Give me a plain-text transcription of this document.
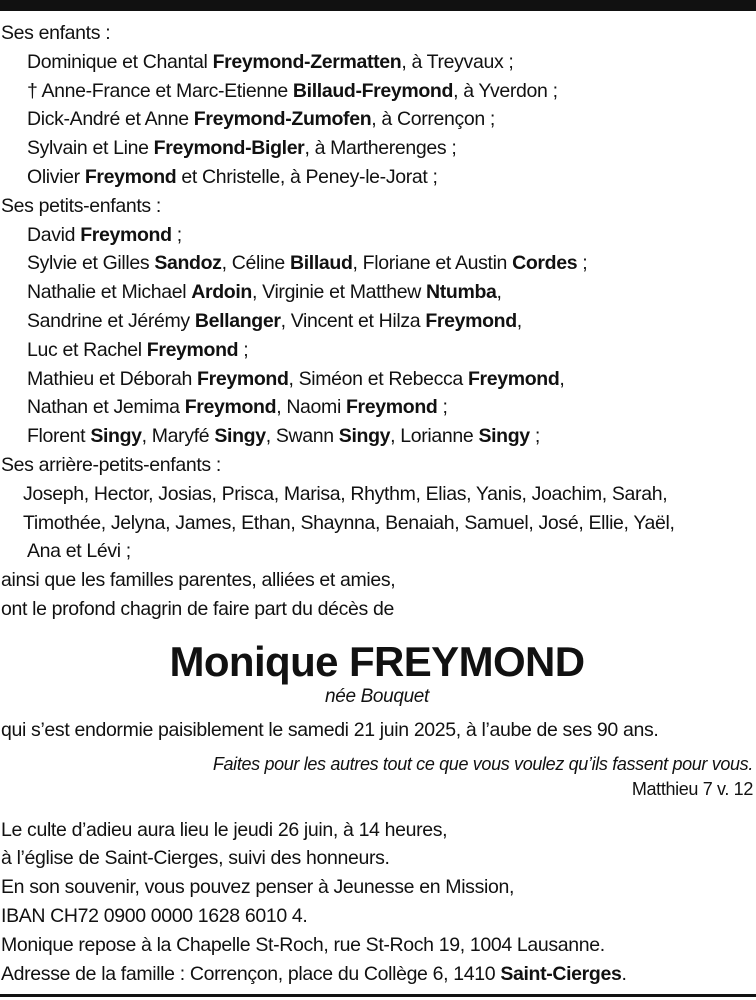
Ses enfants :
Dominique et Chantal Freymond-Zermatten, à Treyvaux ;
† Anne-France et Marc-Etienne Billaud-Freymond, à Yverdon ;
Dick-André et Anne Freymond-Zumofen, à Corrençon ;
Sylvain et Line Freymond-Bigler, à Martherenges ;
Olivier Freymond et Christelle, à Peney-le-Jorat ;
Ses petits-enfants :
David Freymond ;
Sylvie et Gilles Sandoz, Céline Billaud, Floriane et Austin Cordes ;
Nathalie et Michael Ardoin, Virginie et Matthew Ntumba,
Sandrine et Jérémy Bellanger, Vincent et Hilza Freymond,
Luc et Rachel Freymond ;
Mathieu et Déborah Freymond, Siméon et Rebecca Freymond,
Nathan et Jemima Freymond, Naomi Freymond ;
Florent Singy, Maryfé Singy, Swann Singy, Lorianne Singy ;
Ses arrière-petits-enfants :
Joseph, Hector, Josias, Prisca, Marisa, Rhythm, Elias, Yanis, Joachim, Sarah,
Timothée, Jelyna, James, Ethan, Shaynna, Benaiah, Samuel, José, Ellie, Yaël,
Ana et Lévi ;
ainsi que les familles parentes, alliées et amies,
ont le profond chagrin de faire part du décès de
Monique FREYMOND
née Bouquet
qui s’est endormie paisiblement le samedi 21 juin 2025, à l’aube de ses 90 ans.
Faites pour les autres tout ce que vous voulez qu’ils fassent pour vous.
Matthieu 7 v. 12
Le culte d’adieu aura lieu le jeudi 26 juin, à 14 heures,
à l’église de Saint-Cierges, suivi des honneurs.
En son souvenir, vous pouvez penser à Jeunesse en Mission,
IBAN CH72 0900 0000 1628 6010 4.
Monique repose à la Chapelle St-Roch, rue St-Roch 19, 1004 Lausanne.
Adresse de la famille : Corrençon, place du Collège 6, 1410 Saint-Cierges.
